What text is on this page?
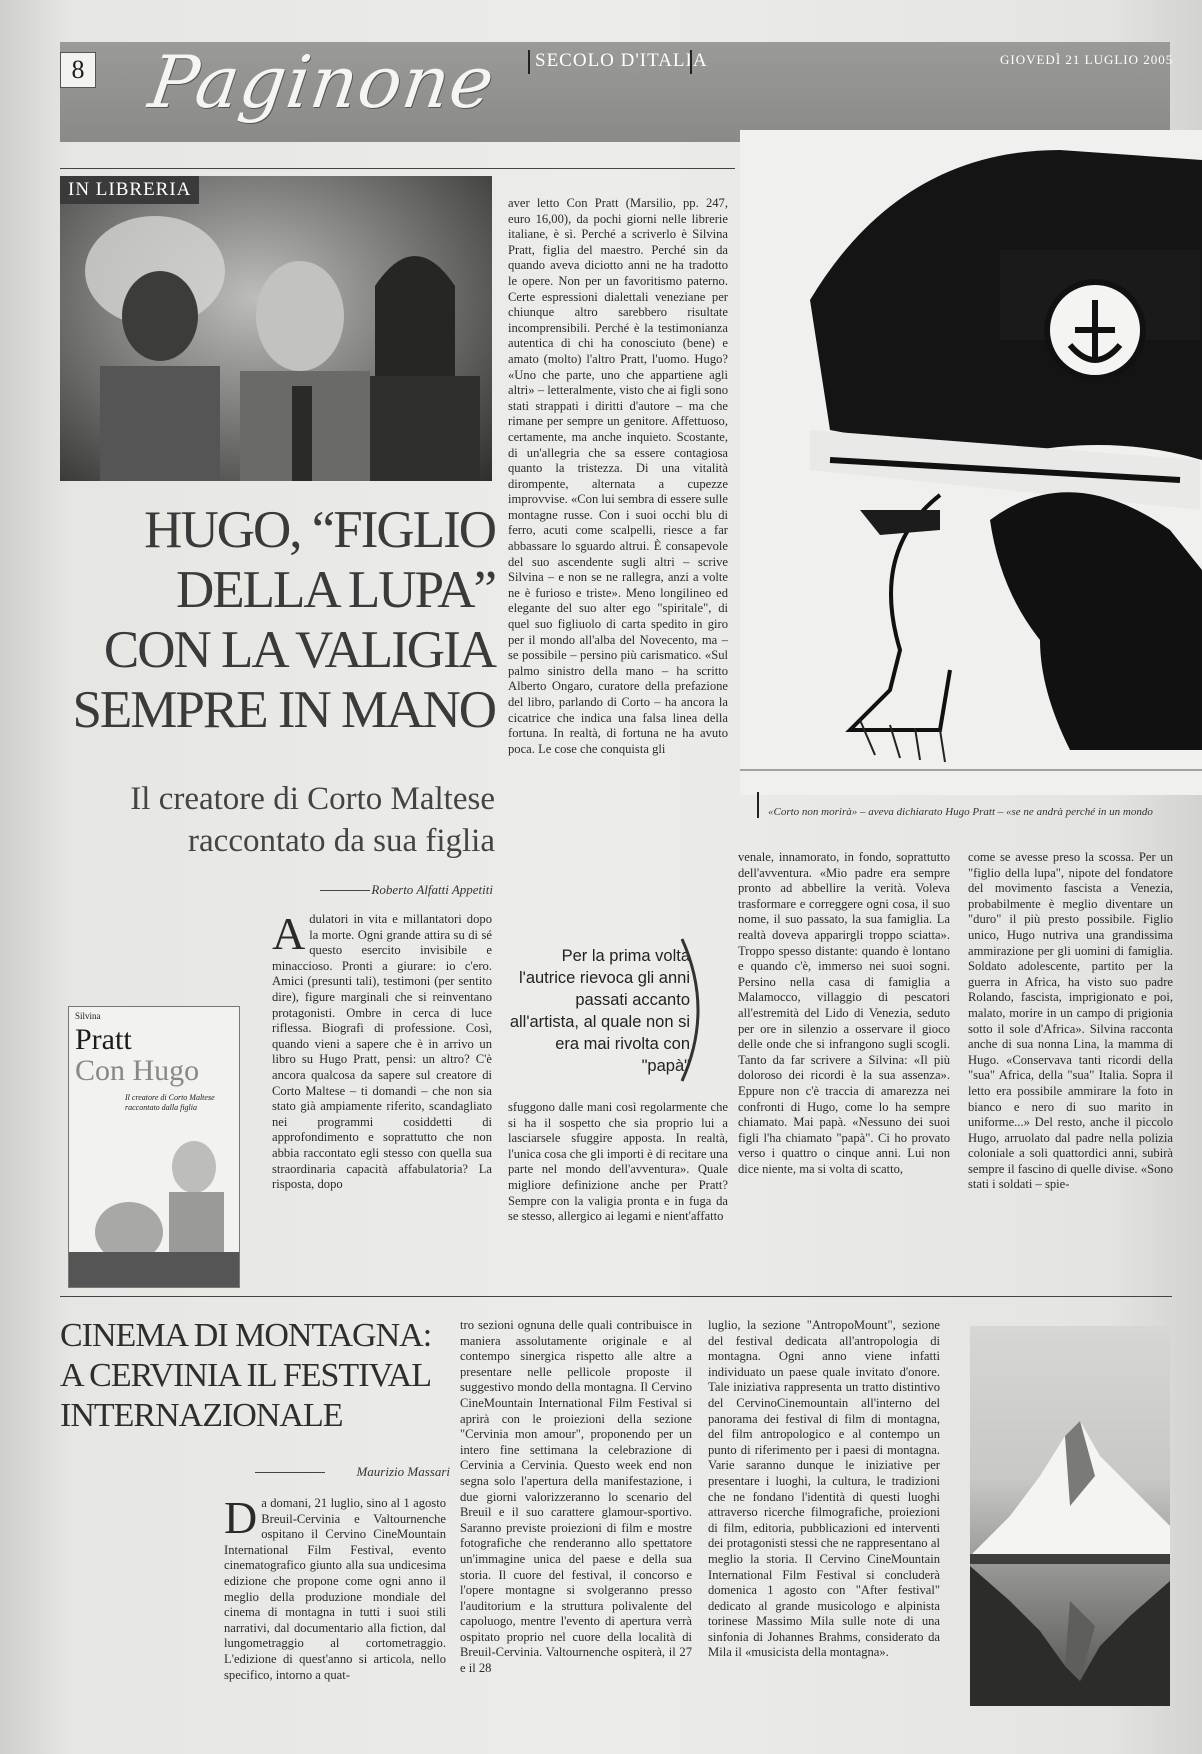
8 Paginone SECOLO D'ITALIA	GIOVEDÌ 21 LUGLIO 2005
IN LIBRERIA
HUGO, “FIGLIO
DELLA LUPA”
CON LA VALIGIA
SEMPRE IN MANO
Il creatore di Corto Maltese
raccontato da sua figlia
Roberto Alfatti Appetiti
Adulatori in vita e millantatori dopo la morte. Ogni grande attira su di sé questo esercito invisibile e minaccioso. Pronti a giurare: io c'ero. Amici (presunti tali), testimoni (per sentito dire), figure marginali che si reinventano protagonisti. Ombre in cerca di luce riflessa. Biografi di professione. Così, quando vieni a sapere che è in arrivo un libro su Hugo Pratt, pensi: un altro? C'è ancora qualcosa da sapere sul creatore di Corto Maltese – ti domandi – che non sia stato già ampiamente riferito, scandagliato nei programmi cosiddetti di approfondimento e soprattutto che non abbia raccontato egli stesso con quella sua straordinaria capacità affabulatoria? La risposta, dopo
Silvina
Pratt
Con Hugo
Il creatore di Corto Maltese raccontato dalla figlia
aver letto Con Pratt (Marsilio, pp. 247, euro 16,00), da pochi giorni nelle librerie italiane, è sì. Perché a scriverlo è Silvina Pratt, figlia del maestro. Perché sin da quando aveva diciotto anni ne ha tradotto le opere. Non per un favoritismo paterno. Certe espressioni dialettali veneziane per chiunque altro sarebbero risultate incomprensibili. Perché è la testimonianza autentica di chi ha conosciuto (bene) e amato (molto) l'altro Pratt, l'uomo. Hugo? «Uno che parte, uno che appartiene agli altri» – letteralmente, visto che ai figli sono stati strappati i diritti d'autore – ma che rimane per sempre un genitore. Affettuoso, certamente, ma anche inquieto. Scostante, di un'allegria che sa essere contagiosa quanto la tristezza. Di una vitalità dirompente, alternata a cupezze improvvise. «Con lui sembra di essere sulle montagne russe. Con i suoi occhi blu di ferro, acuti come scalpelli, riesce a far abbassare lo sguardo altrui. È consapevole del suo ascendente sugli altri – scrive Silvina – e non se ne rallegra, anzi a volte ne è furioso e triste». Meno longilineo ed elegante del suo alter ego "spiritale", di quel suo figliuolo di carta spedito in giro per il mondo all'alba del Novecento, ma – se possibile – persino più carismatico. «Sul palmo sinistro della mano – ha scritto Alberto Ongaro, curatore della prefazione del libro, parlando di Corto – ha ancora la cicatrice che indica una falsa linea della fortuna. In realtà, di fortuna ne ha avuto poca. Le cose che conquista gli
Per la prima volta l'autrice rievoca gli anni passati accanto all'artista, al quale non si era mai rivolta con "papà"
sfuggono dalle mani così regolarmente che si ha il sospetto che sia proprio lui a lasciarsele sfuggire apposta. In realtà, l'unica cosa che gli importi è di recitare una parte nel mondo dell'avventura». Quale migliore definizione anche per Pratt? Sempre con la valigia pronta e in fuga da se stesso, allergico ai legami e nient'affatto
«Corto non morirà» – aveva dichiarato Hugo Pratt – «se ne andrà perché in un mondo
venale, innamorato, in fondo, soprattutto dell'avventura. «Mio padre era sempre pronto ad abbellire la verità. Voleva trasformare e correggere ogni cosa, il suo nome, il suo passato, la sua famiglia. La realtà doveva apparirgli troppo sciatta». Troppo spesso distante: quando è lontano e quando c'è, immerso nei suoi sogni. Persino nella casa di famiglia a Malamocco, villaggio di pescatori all'estremità del Lido di Venezia, seduto per ore in silenzio a osservare il gioco delle onde che si infrangono sugli scogli. Tanto da far scrivere a Silvina: «Il più doloroso dei ricordi è la sua assenza». Eppure non c'è traccia di amarezza nei confronti di Hugo, come lo ha sempre chiamato. Mai papà. «Nessuno dei suoi figli l'ha chiamato "papà". Ci ho provato verso i quattro o cinque anni. Lui non dice niente, ma si volta di scatto,
come se avesse preso la scossa. Per un "figlio della lupa", nipote del fondatore del movimento fascista a Venezia, probabilmente è meglio diventare un "duro" il più presto possibile. Figlio unico, Hugo nutriva una grandissima ammirazione per gli uomini di famiglia. Soldato adolescente, partito per la guerra in Africa, ha visto suo padre Rolando, fascista, imprigionato e poi, malato, morire in un campo di prigionia sotto il sole d'Africa». Silvina racconta anche di sua nonna Lina, la mamma di Hugo. «Conservava tanti ricordi della "sua" Africa, della "sua" Italia. Sopra il letto era possibile ammirare la foto in bianco e nero di suo marito in uniforme...» Del resto, anche il piccolo Hugo, arruolato dal padre nella polizia coloniale a soli quattordici anni, subirà sempre il fascino di quelle divise. «Sono stati i soldati – spie-
CINEMA DI MONTAGNA:
A CERVINIA IL FESTIVAL
INTERNAZIONALE
Maurizio Massari
Da domani, 21 luglio, sino al 1 agosto Breuil-Cervinia e Valtournenche ospitano il Cervino CineMountain International Film Festival, evento cinematografico giunto alla sua undicesima edizione che propone come ogni anno il meglio della produzione mondiale del cinema di montagna in tutti i suoi stili narrativi, dal documentario alla fiction, dal lungometraggio al cortometraggio. L'edizione di quest'anno si articola, nello specifico, intorno a quat-
tro sezioni ognuna delle quali contribuisce in maniera assolutamente originale e al contempo sinergica rispetto alle altre a presentare nelle pellicole proposte il suggestivo mondo della montagna. Il Cervino CineMountain International Film Festival si aprirà con le proiezioni della sezione "Cervinia mon amour", proponendo per un intero fine settimana la celebrazione di Cervinia a Cervinia. Questo week end non segna solo l'apertura della manifestazione, i due giorni valorizzeranno lo scenario del Breuil e il suo carattere glamour-sportivo. Saranno previste proiezioni di film e mostre fotografiche che renderanno allo spettatore un'immagine unica del paese e della sua storia. Il cuore del festival, il concorso e l'opere montagne si svolgeranno presso l'auditorium e la struttura polivalente del capoluogo, mentre l'evento di apertura verrà ospitato proprio nel cuore della località di Breuil-Cervinia. Valtournenche ospiterà, il 27 e il 28
luglio, la sezione "AntropoMount", sezione del festival dedicata all'antropologia di montagna. Ogni anno viene infatti individuato un paese quale invitato d'onore. Tale iniziativa rappresenta un tratto distintivo del CervinoCinemountain all'interno del panorama dei festival di film di montagna, del film antropologico e al contempo un punto di riferimento per i paesi di montagna. Varie saranno dunque le iniziative per presentare i luoghi, la cultura, le tradizioni che ne fondano l'identità di questi luoghi attraverso ricerche filmografiche, proiezioni di film, editoria, pubblicazioni ed interventi dei protagonisti stessi che ne rappresentano al meglio la storia. Il Cervino CineMountain International Film Festival si concluderà domenica 1 agosto con "After festival" dedicato al grande musicologo e alpinista torinese Massimo Mila sulle note di una sinfonia di Johannes Brahms, considerato da Mila il «musicista della montagna».
